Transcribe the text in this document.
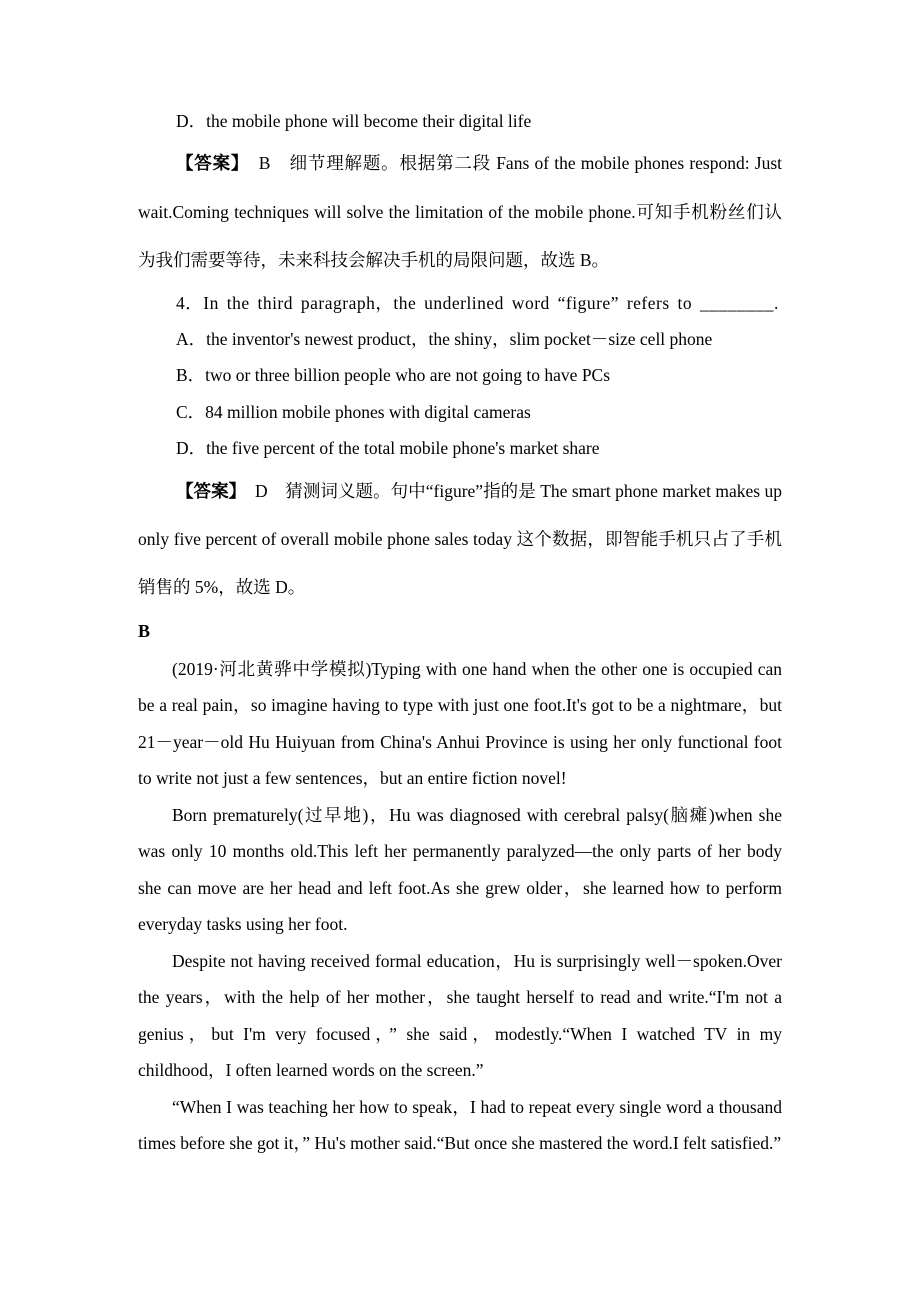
D．the mobile phone will become their digital life

【答案】　B　细节理解题。根据第二段 Fans of the mobile phones respond: Just wait.Coming techniques will solve the limitation of the mobile phone.可知手机粉丝们认为我们需要等待，未来科技会解决手机的局限问题，故选 B。

4．In the third paragraph，the underlined word “figure” refers to ________.

A．the inventor's newest product，the shiny，slim pocket－size cell phone

B．two or three billion people who are not going to have PCs

C．84 million mobile phones with digital cameras

D．the five percent of the total mobile phone's market share

【答案】　D　猜测词义题。句中“figure”指的是 The smart phone market makes up only five percent of overall mobile phone sales today 这个数据，即智能手机只占了手机销售的 5%，故选 D。

B

(2019·河北黄骅中学模拟)Typing with one hand when the other one is occupied can be a real pain，so imagine having to type with just one foot.It's got to be a nightmare，but 21－year－old Hu Huiyuan from China's Anhui Province is using her only functional foot to write not just a few sentences，but an entire fiction novel!

Born prematurely(过早地)，Hu was diagnosed with cerebral palsy(脑瘫)when she was only 10 months old.This left her permanently paralyzed—the only parts of her body she can move are her head and left foot.As she grew older，she learned how to perform everyday tasks using her foot.

Despite not having received formal education，Hu is surprisingly well－spoken.Over the years，with the help of her mother，she taught herself to read and write.“I'm not a genius，but I'm very focused，” she said，modestly.“When I watched TV in my childhood，I often learned words on the screen.”

“When I was teaching her how to speak，I had to repeat every single word a thousand times before she got it，” Hu's mother said.“But once she mastered the word.I felt satisfied.”
